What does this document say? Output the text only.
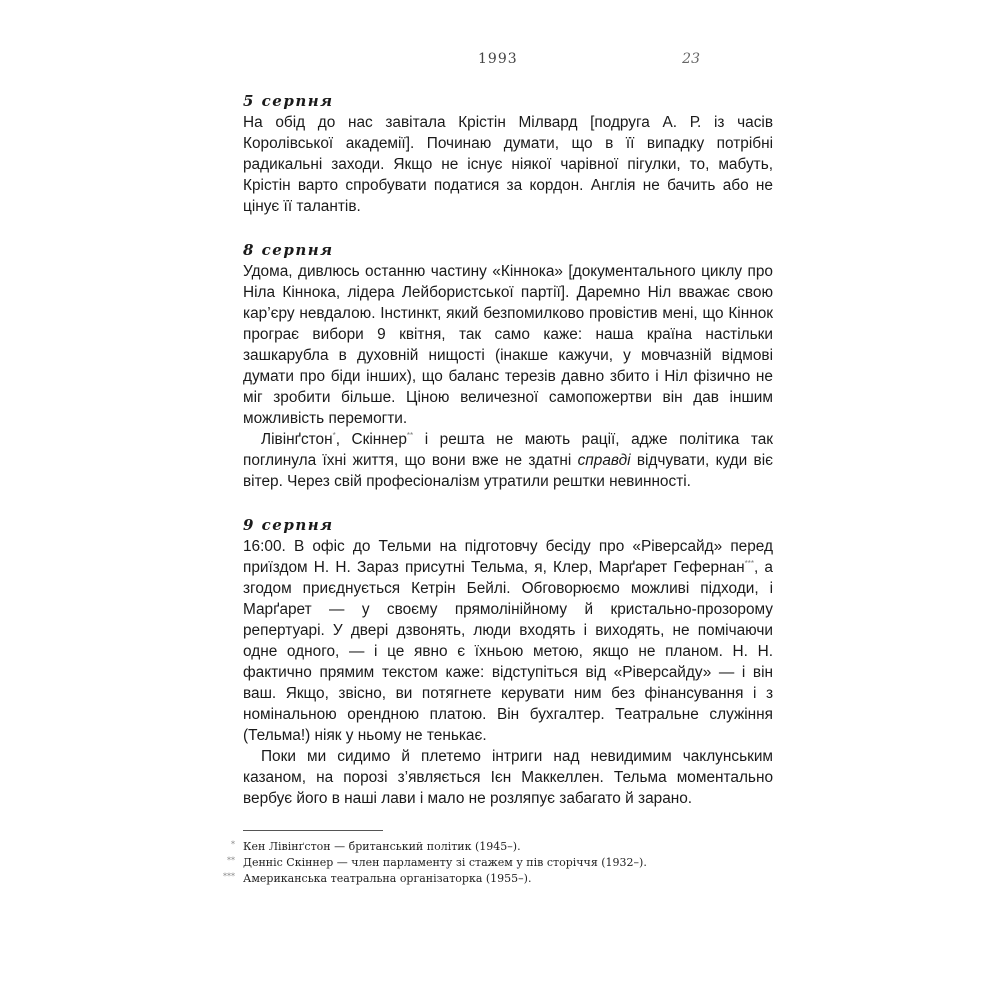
1993	23
5 серпня

На обід до нас завітала Крістін Мілвард [подруга А. Р. із часів Королівської академії]. Починаю думати, що в її випадку потрібні радикальні заходи. Якщо не існує ніякої чарівної пігулки, то, мабуть, Крістін варто спробувати податися за кордон. Англія не бачить або не цінує її талантів.

8 серпня

Удома, дивлюсь останню частину «Кіннока» [документального циклу про Ніла Кіннока, лідера Лейбористської партії]. Даремно Ніл вважає свою кар’єру невдалою. Інстинкт, який безпомилково провістив мені, що Кіннок програє вибори 9 квітня, так само каже: наша країна настільки зашкарубла в духовній нищості (інакше кажучи, у мовчазній відмові думати про біди інших), що баланс терезів давно збито і Ніл фізично не міг зробити більше. Ціною величезної самопожертви він дав іншим можливість перемогти.

Лівінґстон*, Скіннер** і решта не мають рації, адже політика так поглинула їхні життя, що вони вже не здатні справді відчувати, куди віє вітер. Через свій професіоналізм утратили рештки невинності.

9 серпня

16:00. В офіс до Тельми на підготовчу бесіду про «Ріверсайд» перед приїздом Н. Н. Зараз присутні Тельма, я, Клер, Марґарет Гефернан***, а згодом приєднується Кетрін Бейлі. Обговорюємо можливі підходи, і Марґарет — у своєму прямолінійному й кристально-прозорому репертуарі. У двері дзвонять, люди входять і виходять, не помічаючи одне одного, — і це явно є їхньою метою, якщо не планом. Н. Н. фактично прямим текстом каже: відступіться від «Ріверсайду» — і він ваш. Якщо, звісно, ви потягнете керувати ним без фінансування і з номінальною орендною платою. Він бухгалтер. Театральне служіння (Тельма!) ніяк у ньому не тенькає.

Поки ми сидимо й плетемо інтриги над невидимим чаклунським казаном, на порозі з’являється Ієн Маккеллен. Тельма моментально вербує його в наші лави і мало не розляпує забагато й зарано.

* Кен Лівінґстон — британський політик (1945–).
** Денніс Скіннер — член парламенту зі стажем у пів сторіччя (1932–).
*** Американська театральна організаторка (1955–).
